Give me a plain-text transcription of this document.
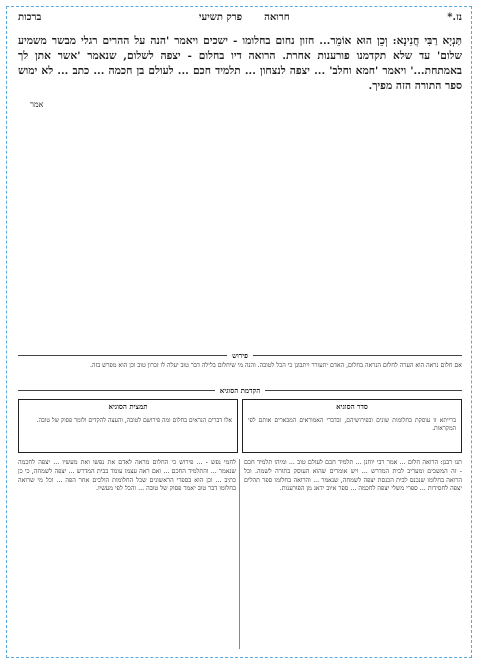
נז.*
חרואה
פרק תשיעי
ברכות
תַּנְיָא רַבִּי חֲנִינָא: וְכֵן הוּא אוֹמֵר... חזון נחום בחלומו - ישכים ויאמר 'הנה על ההרים רגלי מבשר משמיע שלום' עד שלא תקדמנו פורענות אחרת. הרואה דיו בחלום - יצפה לשלום, שנאמר 'אשר אתן לך באמתחת...' ויאמר 'חמא וחלב' ... יצפה לנצחון ... תלמיד חכם ... לעולם בן חכמה ... כתב ... לא ימוש ספר התורה הזה מפיך.
אמר
פירוש
אם חלום נראה הוא הערה לחלום הנראה בחלום, האדם יתעורר ויתבונן כי הכל לטובה. והנה מי שיחלום בלילה דבר טוב יעלה לו זכרון טוב וכן הוא מפרש בזה.
הקדמת הסוגיא
סדר הסוגיא
ברייתא זו עוסקת בחלומות שונים ובפירושיהם, ובדברי האמוראים המבארים אותם לפי המקראות.
תמצית הסוגיא
אלו דברים הנראים בחלום ומה פירושם לטובה, והעצה להקדים ולומר פסוק של טובה.
תנו רבנן: הרואה חלום ... אמר רבי יוחנן ... תלמיד חכם לעולם טוב ... ומיהו תלמיד חכם - זה המשכים ומעריב לבית המדרש ... ויש אומרים שהוא העוסק בתורה לשמה. וכל הרואה בחלומו שנכנס לבית הכנסת יצפה לשמחה, שנאמר ... והרואה בחלומו ספר תהלים יצפה לחסידות ... ספרי משלי יצפה לחכמה ... ספר איוב ידאג מן הפורענות.
לחמי נפש - ... פירוש כי החלום מראה לאדם את נפשו ואת מעשיו ... יצפה לחכמה שנאמר ... והתלמיד החכם ... ואם ראה עצמו עומד בבית המדרש ... יצפה לשמחה, כי כן כתיב ... וכן הוא בספרי הראשונים שכל החלומות הולכים אחר הפה ... וכל מי שרואה בחלומו דבר טוב יאמר פסוק של טובה ... והכל לפי מעשיו.
